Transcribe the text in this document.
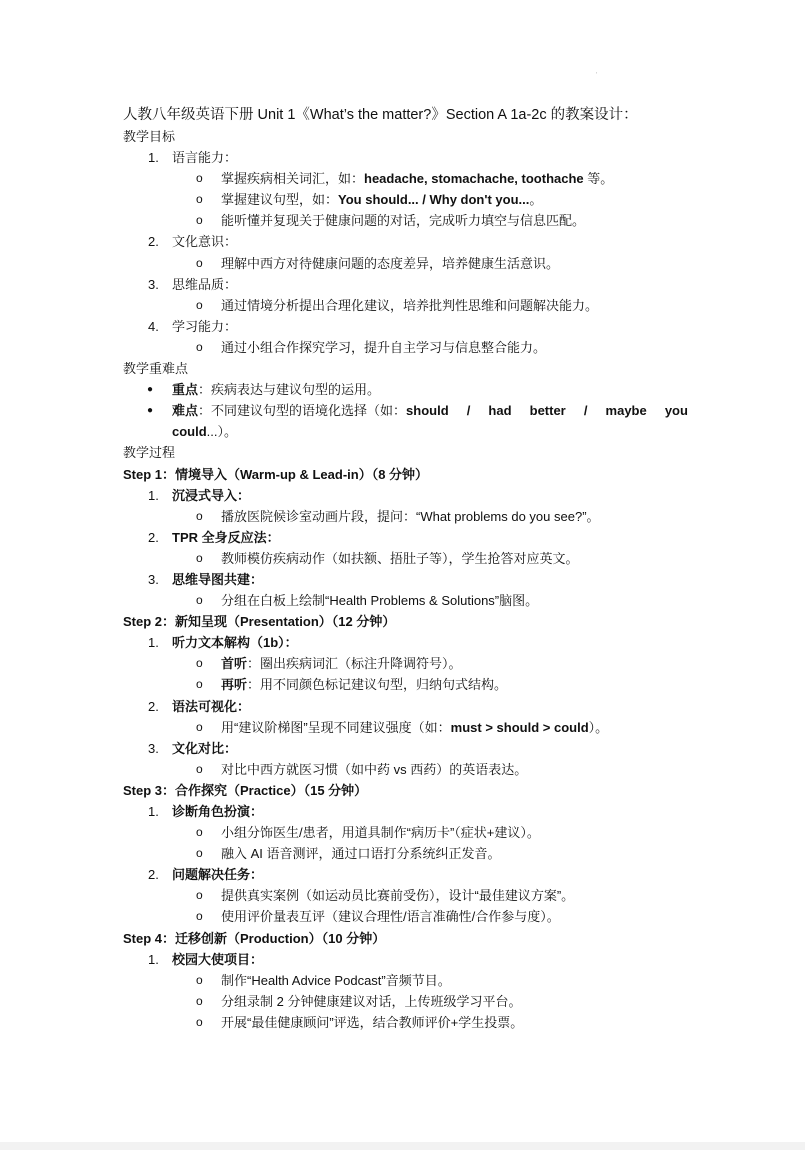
'
人教八年级英语下册 Unit 1《What’s the matter?》Section A 1a-2c 的教案设计：
教学目标
1. 语言能力：
o 掌握疾病相关词汇，如：headache, stomachache, toothache 等。
o 掌握建议句型，如：You should... / Why don't you...。
o 能听懂并复现关于健康问题的对话，完成听力填空与信息匹配。
2. 文化意识：
o 理解中西方对待健康问题的态度差异，培养健康生活意识。
3. 思维品质：
o 通过情境分析提出合理化建议，培养批判性思维和问题解决能力。
4. 学习能力：
o 通过小组合作探究学习，提升自主学习与信息整合能力。
教学重难点
● 重点：疾病表达与建议句型的运用。
● 难点：不同建议句型的语境化选择（如：should / had better / maybe you
could...）。
教学过程
Step 1：情境导入（Warm-up & Lead-in）（8 分钟）
1. 沉浸式导入：
o 播放医院候诊室动画片段，提问：“What problems do you see?”。
2. TPR 全身反应法：
o 教师模仿疾病动作（如扶额、捂肚子等），学生抢答对应英文。
3. 思维导图共建：
o 分组在白板上绘制“Health Problems & Solutions”脑图。
Step 2：新知呈现（Presentation）（12 分钟）
1. 听力文本解构（1b）：
o 首听：圈出疾病词汇（标注升降调符号）。
o 再听：用不同颜色标记建议句型，归纳句式结构。
2. 语法可视化：
o 用“建议阶梯图”呈现不同建议强度（如：must > should > could）。
3. 文化对比：
o 对比中西方就医习惯（如中药 vs 西药）的英语表达。
Step 3：合作探究（Practice）（15 分钟）
1. 诊断角色扮演：
o 小组分饰医生/患者，用道具制作“病历卡”（症状+建议）。
o 融入 AI 语音测评，通过口语打分系统纠正发音。
2. 问题解决任务：
o 提供真实案例（如运动员比赛前受伤），设计“最佳建议方案”。
o 使用评价量表互评（建议合理性/语言准确性/合作参与度）。
Step 4：迁移创新（Production）（10 分钟）
1. 校园大使项目：
o 制作“Health Advice Podcast”音频节目。
o 分组录制 2 分钟健康建议对话，上传班级学习平台。
o 开展“最佳健康顾问”评选，结合教师评价+学生投票。
